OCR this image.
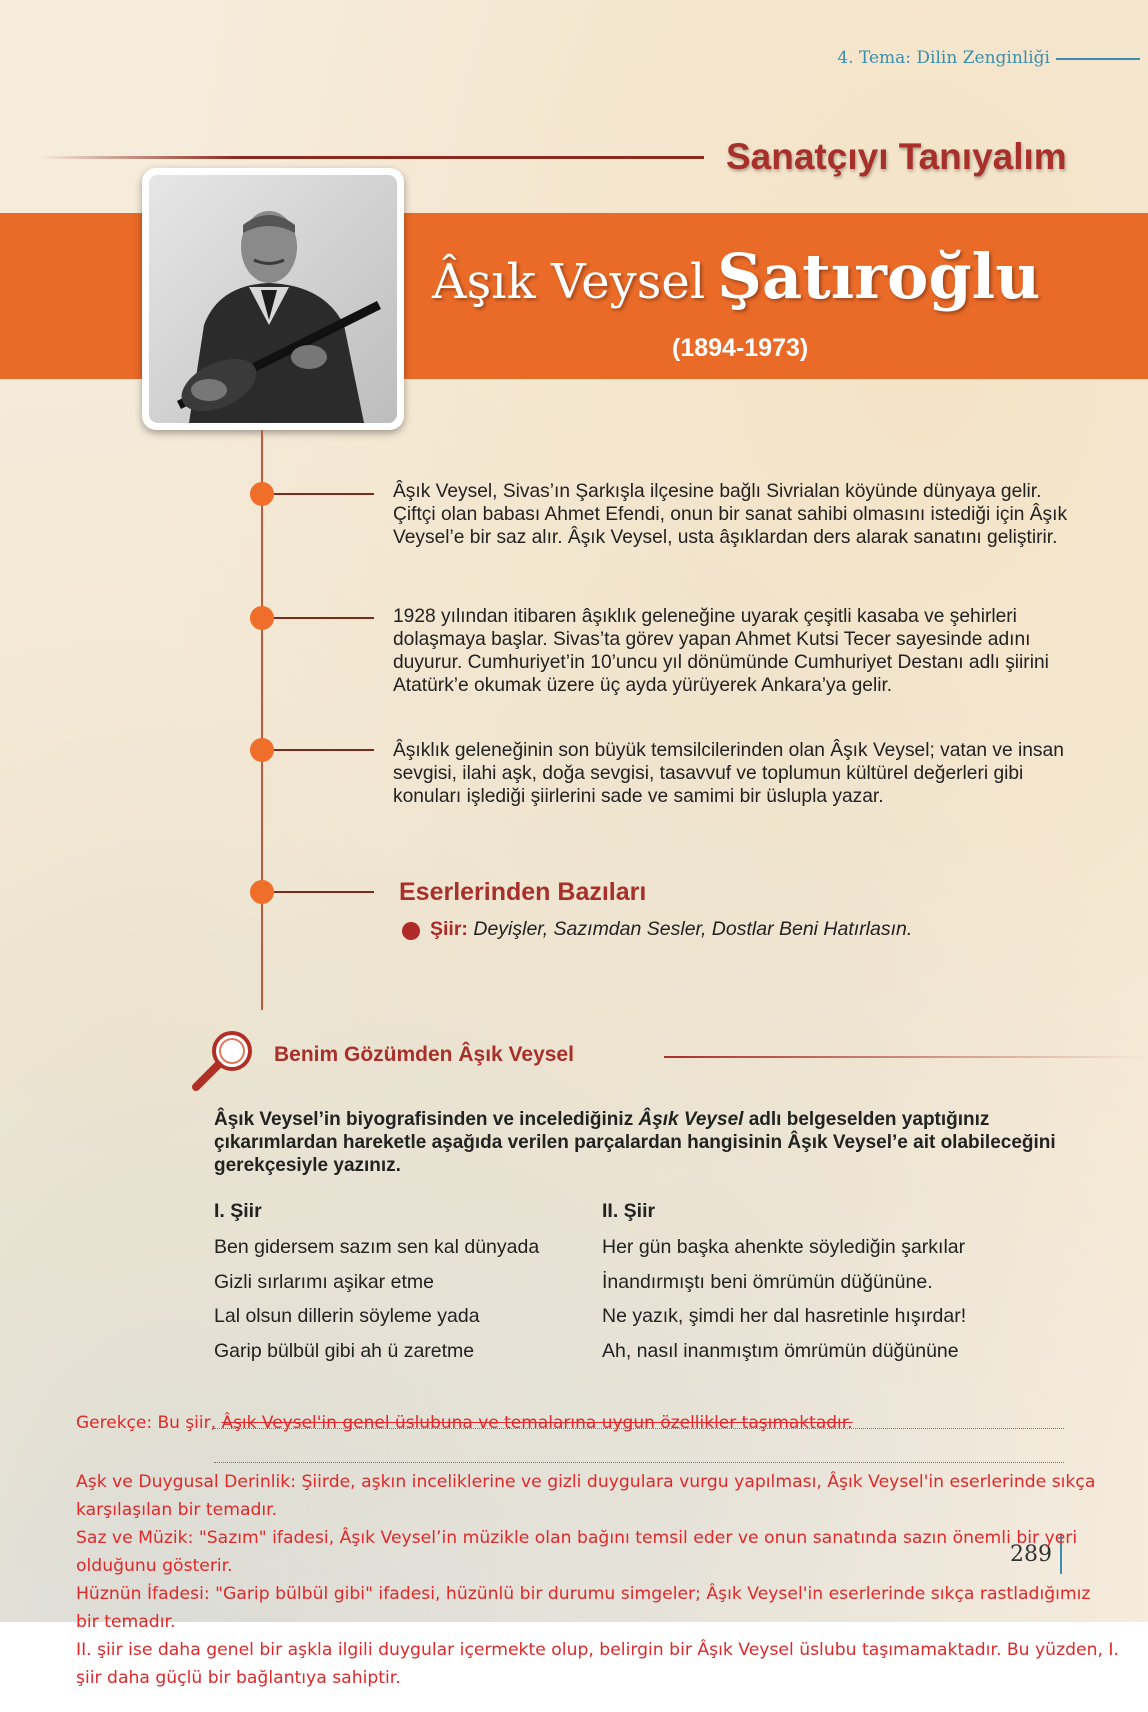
4. Tema: Dilin Zenginliği
Sanatçıyı Tanıyalım
Âşık Veysel Şatıroğlu
(1894-1973)
Âşık Veysel, Sivas’ın Şarkışla ilçesine bağlı Sivrialan köyünde dünyaya gelir. Çiftçi olan babası Ahmet Efendi, onun bir sanat sahibi olmasını istediği için Âşık Veysel’e bir saz alır. Âşık Veysel, usta âşıklardan ders alarak sanatını geliştirir.
1928 yılından itibaren âşıklık geleneğine uyarak çeşitli kasaba ve şehirleri dolaşmaya başlar. Sivas’ta görev yapan Ahmet Kutsi Tecer sayesinde adını duyurur. Cumhuriyet’in 10’uncu yıl dönümünde Cumhuriyet Destanı adlı şiirini Atatürk’e okumak üzere üç ayda yürüyerek Ankara’ya gelir.
Âşıklık geleneğinin son büyük temsilcilerinden olan Âşık Veysel; vatan ve insan sevgisi, ilahi aşk, doğa sevgisi, tasavvuf ve toplumun kültürel değerleri gibi konuları işlediği şiirlerini sade ve samimi bir üslupla yazar.
Eserlerinden Bazıları
Şiir: Deyişler, Sazımdan Sesler, Dostlar Beni Hatırlasın.
Benim Gözümden Âşık Veysel
Âşık Veysel’in biyografisinden ve incelediğiniz Âşık Veysel adlı belgeselden yaptığınız çıkarımlardan hareketle aşağıda verilen parçalardan hangisinin Âşık Veysel’e ait olabileceğini gerekçesiyle yazınız.
I. Şiir
Ben gidersem sazım sen kal dünyada
Gizli sırlarımı aşikar etme
Lal olsun dillerin söyleme yada
Garip bülbül gibi ah ü zaretme
II. Şiir
Her gün başka ahenkte söylediğin şarkılar
İnandırmıştı beni ömrümün düğününe.
Ne yazık, şimdi her dal hasretinle hışırdar!
Ah, nasıl inanmıştım ömrümün düğününe
Gerekçe: Bu şiir, Âşık Veysel'in genel üslubuna ve temalarına uygun özellikler taşımaktadır.
289
Aşk ve Duygusal Derinlik: Şiirde, aşkın inceliklerine ve gizli duygulara vurgu yapılması, Âşık Veysel'in eserlerinde sıkça
karşılaşılan bir temadır.
Saz ve Müzik: "Sazım" ifadesi, Âşık Veysel’in müzikle olan bağını temsil eder ve onun sanatında sazın önemli bir yeri
olduğunu gösterir.
Hüznün İfadesi: "Garip bülbül gibi" ifadesi, hüzünlü bir durumu simgeler; Âşık Veysel'in eserlerinde sıkça rastladığımız
bir temadır.
II. şiir ise daha genel bir aşkla ilgili duygular içermekte olup, belirgin bir Âşık Veysel üslubu taşımamaktadır. Bu yüzden, I. şiir daha güçlü bir bağlantıya sahiptir.
